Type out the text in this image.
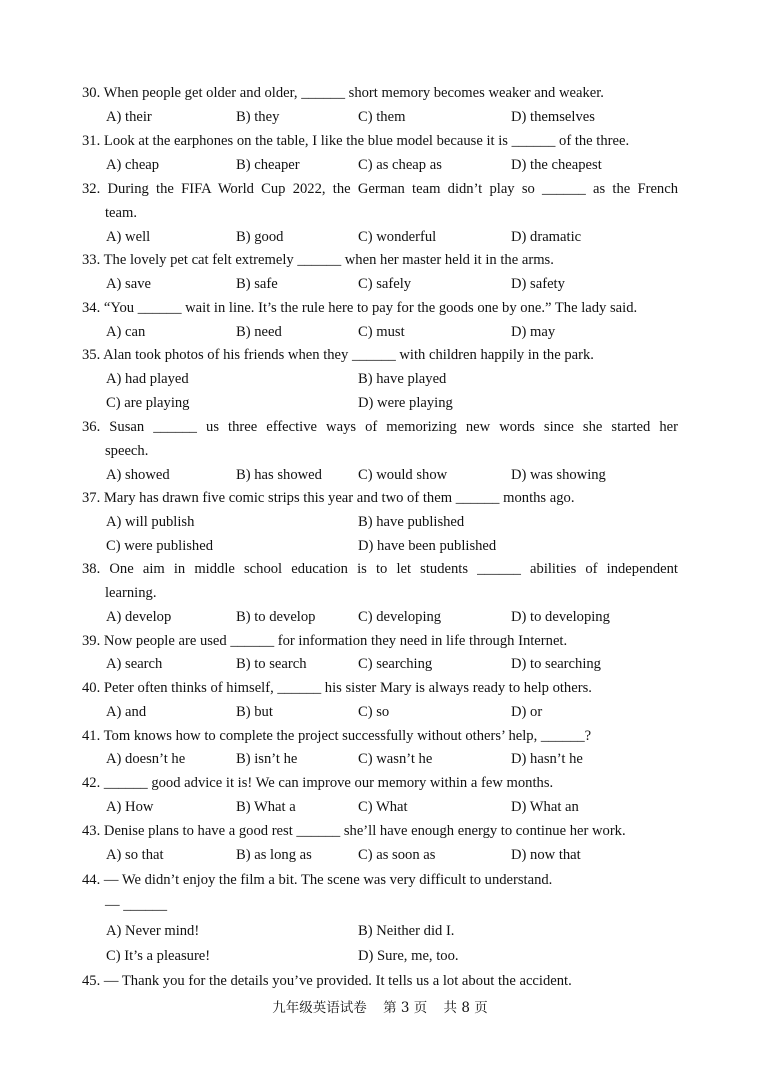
30. When people get older and older, ______ short memory becomes weaker and weaker.
A) their	B) they	C) them	D) themselves
31. Look at the earphones on the table, I like the blue model because it is ______ of the three.
A) cheap	B) cheaper	C) as cheap as	D) the cheapest
32. During the FIFA World Cup 2022, the German team didn’t play so ______ as the French
team.
A) well	B) good	C) wonderful	D) dramatic
33. The lovely pet cat felt extremely ______ when her master held it in the arms.
A) save	B) safe	C) safely	D) safety
34. “You ______ wait in line. It’s the rule here to pay for the goods one by one.” The lady said.
A) can	B) need	C) must	D) may
35. Alan took photos of his friends when they ______ with children happily in the park.
A) had played	B) have played
C) are playing	D) were playing
36. Susan ______ us three effective ways of memorizing new words since she started her
speech.
A) showed	B) has showed C) would show	D) was showing
37. Mary has drawn five comic strips this year and two of them ______ months ago.
A) will publish	B) have published
C) were published	D) have been published
38. One aim in middle school education is to let students ______ abilities of independent
learning.
A) develop	B) to develop	C) developing	D) to developing
39. Now people are used ______ for information they need in life through Internet.
A) search	B) to search	C) searching	D) to searching
40. Peter often thinks of himself, ______ his sister Mary is always ready to help others.
A) and	B) but	C) so	D) or
41. Tom knows how to complete the project successfully without others’ help, ______?
A) doesn’t he	B) isn’t he	C) wasn’t he	D) hasn’t he
42. ______ good advice it is! We can improve our memory within a few months.
A) How	B) What a	C) What	D) What an
43. Denise plans to have a good rest ______ she’ll have enough energy to continue her work.
A) so that	B) as long as	C) as soon as	D) now that
44. — We didn’t enjoy the film a bit. The scene was very difficult to understand.
— ______
A) Never mind!	B) Neither did I.
C) It’s a pleasure!	D) Sure, me, too.
45. — Thank you for the details you’ve provided. It tells us a lot about the accident.
九年级英语试卷 第 3 页 共 8 页
